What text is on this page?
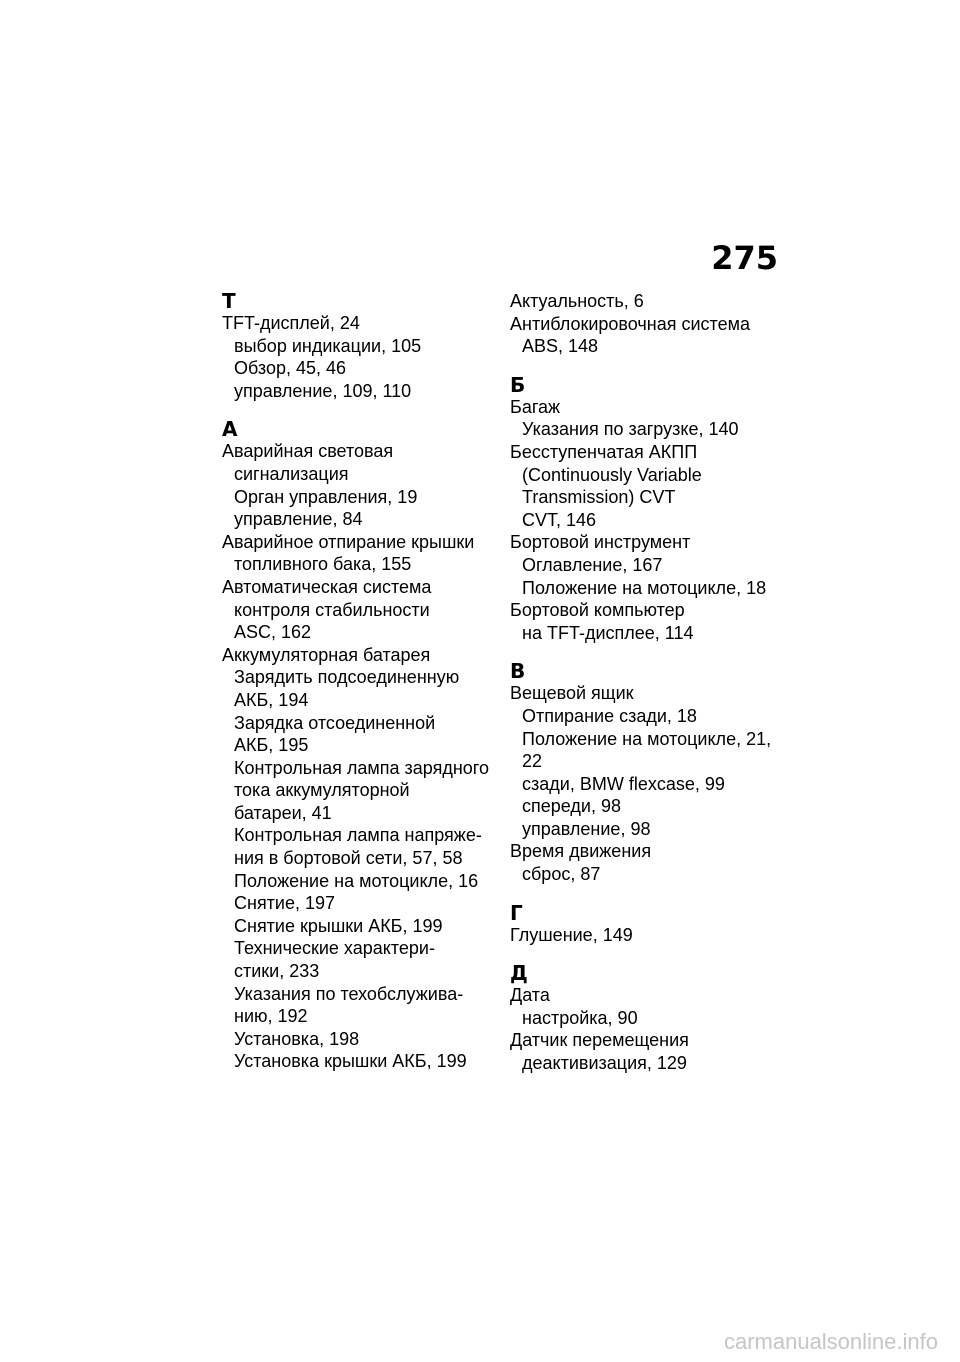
275
Т
TFT-дисплей, 24
выбор индикации, 105
Обзор, 45, 46
управление, 109, 110
А
Аварийная световая
сигнализация
Орган управления, 19
управление, 84
Аварийное отпирание крышки
топливного бака, 155
Автоматическая система
контроля стабильности
ASC, 162
Аккумуляторная батарея
Зарядить подсоединенную
АКБ, 194
Зарядка отсоединенной
АКБ, 195
Контрольная лампа зарядного
тока аккумуляторной
батареи, 41
Контрольная лампа напряже-
ния в бортовой сети, 57, 58
Положение на мотоцикле, 16
Снятие, 197
Снятие крышки АКБ, 199
Технические характери-
стики, 233
Указания по техобслужива-
нию, 192
Установка, 198
Установка крышки АКБ, 199
Актуальность, 6
Антиблокировочная система
ABS, 148
Б
Багаж
Указания по загрузке, 140
Бесступенчатая АКПП
(Continuously Variable
Transmission) CVT
CVT, 146
Бортовой инструмент
Оглавление, 167
Положение на мотоцикле, 18
Бортовой компьютер
на TFT-дисплее, 114
В
Вещевой ящик
Отпирание сзади, 18
Положение на мотоцикле, 21,
22
сзади, BMW flexcase, 99
спереди, 98
управление, 98
Время движения
сброс, 87
Г
Глушение, 149
Д
Дата
настройка, 90
Датчик перемещения
деактивизация, 129
carmanualsonline.info
